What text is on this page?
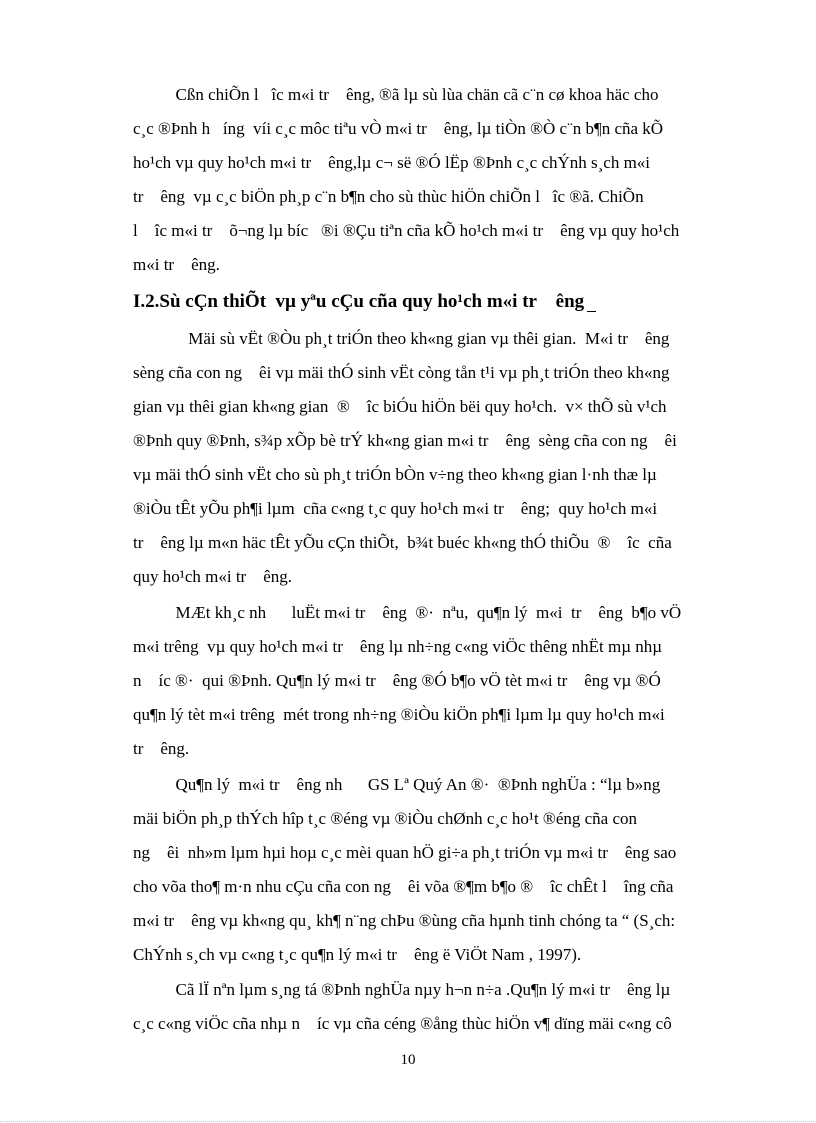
Cßn chiÕn l   îc m«i tr    êng, ®ã lµ sù lùa chän cã c¨n cø khoa häc cho
c¸c ®Þnh h   íng  víi c¸c môc tiªu vÒ m«i tr    êng, lµ tiÒn ®Ò c¨n b¶n cña kÕ
ho¹ch vµ quy ho¹ch m«i tr    êng,lµ c¬ së ®Ó lËp ®Þnh c¸c chÝnh s¸ch m«i
tr    êng  vµ c¸c biÖn ph¸p c¨n b¶n cho sù thùc hiÖn chiÕn l   îc ®ã. ChiÕn
l    îc m«i tr    õ¬ng lµ bíc   ®i ®Çu tiªn cña kÕ ho¹ch m«i tr    êng vµ quy ho¹ch
m«i tr    êng.
I.2.Sù cÇn thiÕt  vµ yªu cÇu cña quy ho¹ch m«i tr    êng
Mäi sù vËt ®Òu ph¸t triÓn theo kh«ng gian vµ thêi gian.  M«i tr    êng
sèng cña con ng    êi vµ mäi thÓ sinh vËt còng tån t¹i vµ ph¸t triÓn theo kh«ng
gian vµ thêi gian kh«ng gian  ®    îc biÓu hiÖn bëi quy ho¹ch.  v× thÕ sù v¹ch
®Þnh quy ®Þnh, s¾p xÕp bè trÝ kh«ng gian m«i tr    êng  sèng cña con ng    êi
vµ mäi thÓ sinh vËt cho sù ph¸t triÓn bÒn v÷ng theo kh«ng gian l·nh thæ lµ
®iÒu tÊt yÕu ph¶i lµm  cña c«ng t¸c quy ho¹ch m«i tr    êng;  quy ho¹ch m«i
tr    êng lµ m«n häc tÊt yÕu cÇn thiÕt,  b¾t buéc kh«ng thÓ thiÕu  ®    îc  cña
quy ho¹ch m«i tr    êng.
MÆt kh¸c nh      luËt m«i tr    êng  ®·  nªu,  qu¶n lý  m«i  tr    êng  b¶o vÖ
m«i trêng  vµ quy ho¹ch m«i tr    êng lµ nh÷ng c«ng viÖc thêng nhËt mµ nhµ
n    íc ®·  qui ®Þnh. Qu¶n lý m«i tr    êng ®Ó b¶o vÖ tèt m«i tr    êng vµ ®Ó
qu¶n lý tèt m«i trêng  mét trong nh÷ng ®iÒu kiÖn ph¶i lµm lµ quy ho¹ch m«i
tr    êng.
Qu¶n lý  m«i tr    êng nh      GS Lª Quý An ®·  ®Þnh nghÜa : “lµ b»ng
mäi biÖn ph¸p thÝch hîp t¸c ®éng vµ ®iÒu chØnh c¸c ho¹t ®éng cña con
ng    êi  nh»m lµm hµi hoµ c¸c mèi quan hÖ gi÷a ph¸t triÓn vµ m«i tr    êng sao
cho võa tho¶ m·n nhu cÇu cña con ng    êi võa ®¶m b¶o ®    îc chÊt l    îng cña
m«i tr    êng vµ kh«ng qu¸ kh¶ n¨ng chÞu ®ùng cña hµnh tinh chóng ta “ (S¸ch:
ChÝnh s¸ch vµ c«ng t¸c qu¶n lý m«i tr    êng ë ViÖt Nam , 1997).
Cã lÏ nªn lµm s¸ng tá ®Þnh nghÜa nµy h¬n n÷a .Qu¶n lý m«i tr    êng lµ
c¸c c«ng viÖc cña nhµ n    íc vµ cña céng ®ång thùc hiÖn v¶ dïng mäi c«ng cô
10
